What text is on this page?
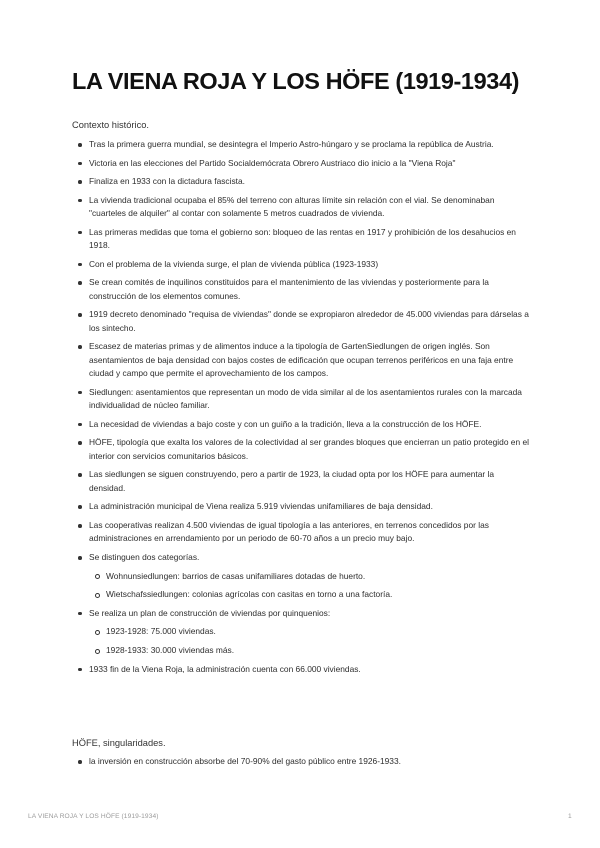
LA VIENA ROJA Y LOS HÖFE (1919-1934)
Contexto histórico.
Tras la primera guerra mundial, se desintegra el Imperio Astro-húngaro y se proclama la república de Austria.
Victoria en las elecciones del Partido Socialdemócrata Obrero Austriaco dio inicio a la "Viena Roja"
Finaliza en 1933 con la dictadura fascista.
La vivienda tradicional ocupaba el 85% del terreno con alturas límite sin relación con el vial. Se denominaban "cuarteles de alquiler" al contar con solamente 5 metros cuadrados de vivienda.
Las primeras medidas que toma el gobierno son: bloqueo de las rentas en 1917 y prohibición de los desahucios en 1918.
Con el problema de la vivienda surge, el plan de vivienda pública (1923-1933)
Se crean comités de inquilinos constituidos para el mantenimiento de las viviendas y posteriormente para la construcción de los elementos comunes.
1919 decreto denominado "requisa de viviendas" donde se expropiaron alrededor de 45.000 viviendas para dárselas a los sintecho.
Escasez de materias primas y de alimentos induce a la tipología de GartenSiedlungen de origen inglés. Son asentamientos de baja densidad con bajos costes de edificación que ocupan terrenos periféricos en una faja entre ciudad y campo que permite el aprovechamiento de los campos.
Siedlungen: asentamientos que representan un modo de vida similar al de los asentamientos rurales con la marcada individualidad de núcleo familiar.
La necesidad de viviendas a bajo coste y con un guiño a la tradición, lleva a la construcción de los HÖFE.
HÖFE, tipología que exalta los valores de la colectividad al ser grandes bloques que encierran un patio protegido en el interior con servicios comunitarios básicos.
Las siedlungen se siguen construyendo, pero a partir de 1923, la ciudad opta por los HÖFE para aumentar la densidad.
La administración municipal de Viena realiza 5.919 viviendas unifamiliares de baja densidad.
Las cooperativas realizan 4.500 viviendas de igual tipología a las anteriores, en terrenos concedidos por las administraciones en arrendamiento por un periodo de 60-70 años a un precio muy bajo.
Se distinguen dos categorías.
Wohnunsiedlungen: barrios de casas unifamiliares dotadas de huerto.
Wietschafssiedlungen: colonias agrícolas con casitas en torno a una factoría.
Se realiza un plan de construcción de viviendas por quinquenios:
1923-1928: 75.000 viviendas.
1928-1933: 30.000 viviendas más.
1933 fin de la Viena Roja, la administración cuenta con 66.000 viviendas.
HÖFE, singularidades.
la inversión en construcción absorbe del 70-90% del gasto público entre 1926-1933.
LA VIENA ROJA Y LOS HÖFE (1919-1934)	1
